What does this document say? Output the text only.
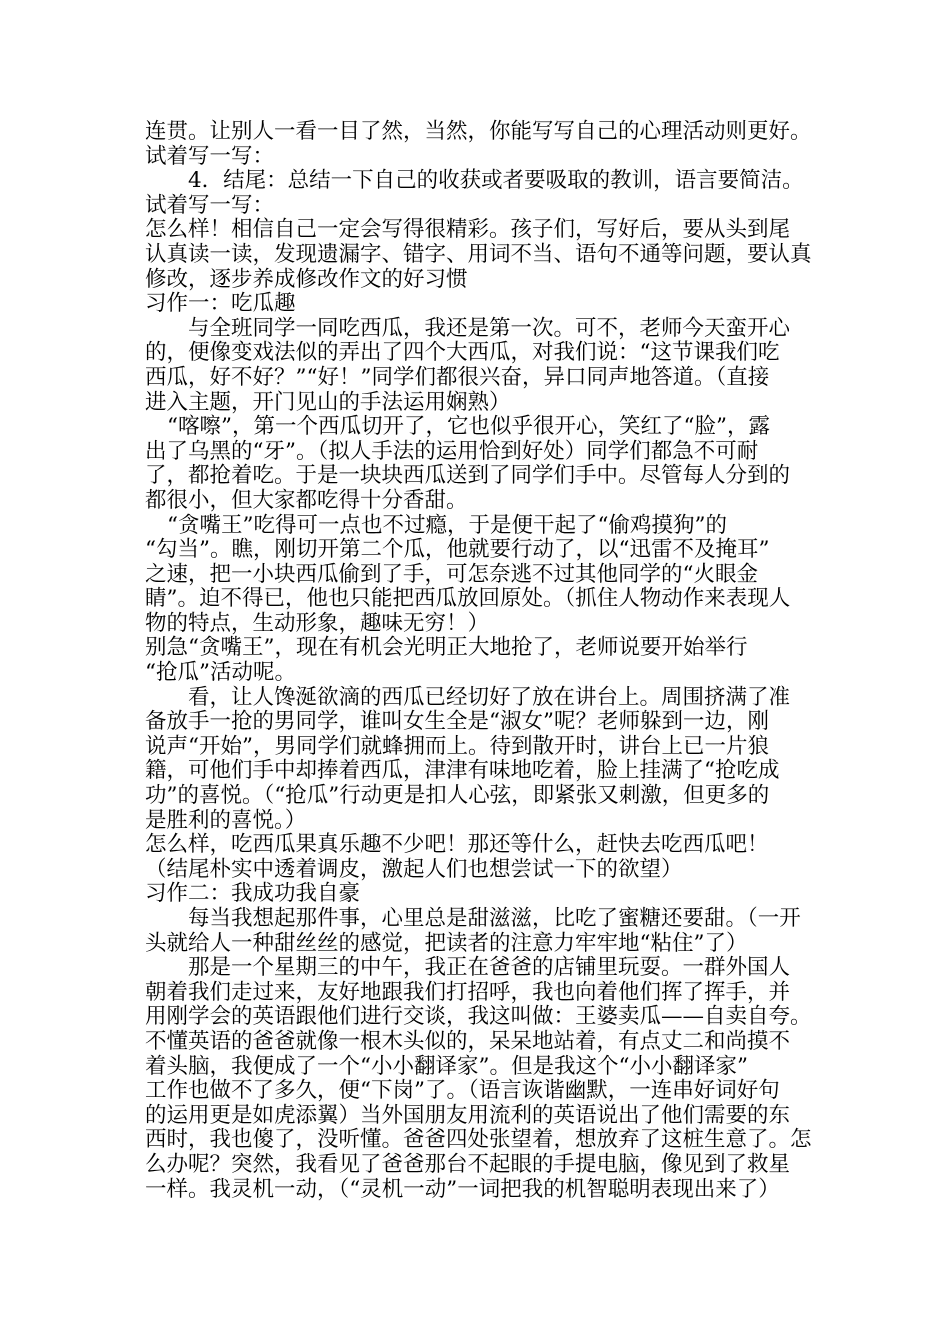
连贯。让别人一看一目了然，当然，你能写写自己的心理活动则更好。
试着写一写：
4．结尾：总结一下自己的收获或者要吸取的教训，语言要简洁。
试着写一写：
怎么样！相信自己一定会写得很精彩。孩子们，写好后，要从头到尾
认真读一读，发现遗漏字、错字、用词不当、语句不通等问题，要认真
修改，逐步养成修改作文的好习惯
习作一：吃瓜趣
与全班同学一同吃西瓜，我还是第一次。可不，老师今天蛮开心
的，便像变戏法似的弄出了四个大西瓜，对我们说：“这节课我们吃
西瓜，好不好？”“好！”同学们都很兴奋，异口同声地答道。（直接
进入主题，开门见山的手法运用娴熟）
“喀嚓”，第一个西瓜切开了，它也似乎很开心，笑红了“脸”，露
出了乌黑的“牙”。（拟人手法的运用恰到好处）同学们都急不可耐
了，都抢着吃。于是一块块西瓜送到了同学们手中。尽管每人分到的
都很小，但大家都吃得十分香甜。
“贪嘴王”吃得可一点也不过瘾，于是便干起了“偷鸡摸狗”的
“勾当”。瞧，刚切开第二个瓜，他就要行动了，以“迅雷不及掩耳”
之速，把一小块西瓜偷到了手，可怎奈逃不过其他同学的“火眼金
睛”。迫不得已，他也只能把西瓜放回原处。（抓住人物动作来表现人
物的特点，生动形象，趣味无穷！）
别急“贪嘴王”，现在有机会光明正大地抢了，老师说要开始举行
“抢瓜”活动呢。
看，让人馋涎欲滴的西瓜已经切好了放在讲台上。周围挤满了准
备放手一抢的男同学，谁叫女生全是“淑女”呢？老师躲到一边，刚
说声“开始”，男同学们就蜂拥而上。待到散开时，讲台上已一片狼
籍，可他们手中却捧着西瓜，津津有味地吃着，脸上挂满了“抢吃成
功”的喜悦。（“抢瓜”行动更是扣人心弦，即紧张又刺激，但更多的
是胜利的喜悦。）
怎么样，吃西瓜果真乐趣不少吧！那还等什么，赶快去吃西瓜吧！
（结尾朴实中透着调皮，激起人们也想尝试一下的欲望）
习作二：我成功我自豪
每当我想起那件事，心里总是甜滋滋，比吃了蜜糖还要甜。（一开
头就给人一种甜丝丝的感觉，把读者的注意力牢牢地“粘住”了）
那是一个星期三的中午，我正在爸爸的店铺里玩耍。一群外国人
朝着我们走过来，友好地跟我们打招呼，我也向着他们挥了挥手，并
用刚学会的英语跟他们进行交谈，我这叫做：王婆卖瓜——自卖自夸。
不懂英语的爸爸就像一根木头似的，呆呆地站着，有点丈二和尚摸不
着头脑，我便成了一个“小小翻译家”。但是我这个“小小翻译家”
工作也做不了多久，便“下岗”了。（语言诙谐幽默，一连串好词好句
的运用更是如虎添翼）当外国朋友用流利的英语说出了他们需要的东
西时，我也傻了，没听懂。爸爸四处张望着，想放弃了这桩生意了。怎
么办呢？突然，我看见了爸爸那台不起眼的手提电脑，像见到了救星
一样。我灵机一动，（“灵机一动”一词把我的机智聪明表现出来了）
